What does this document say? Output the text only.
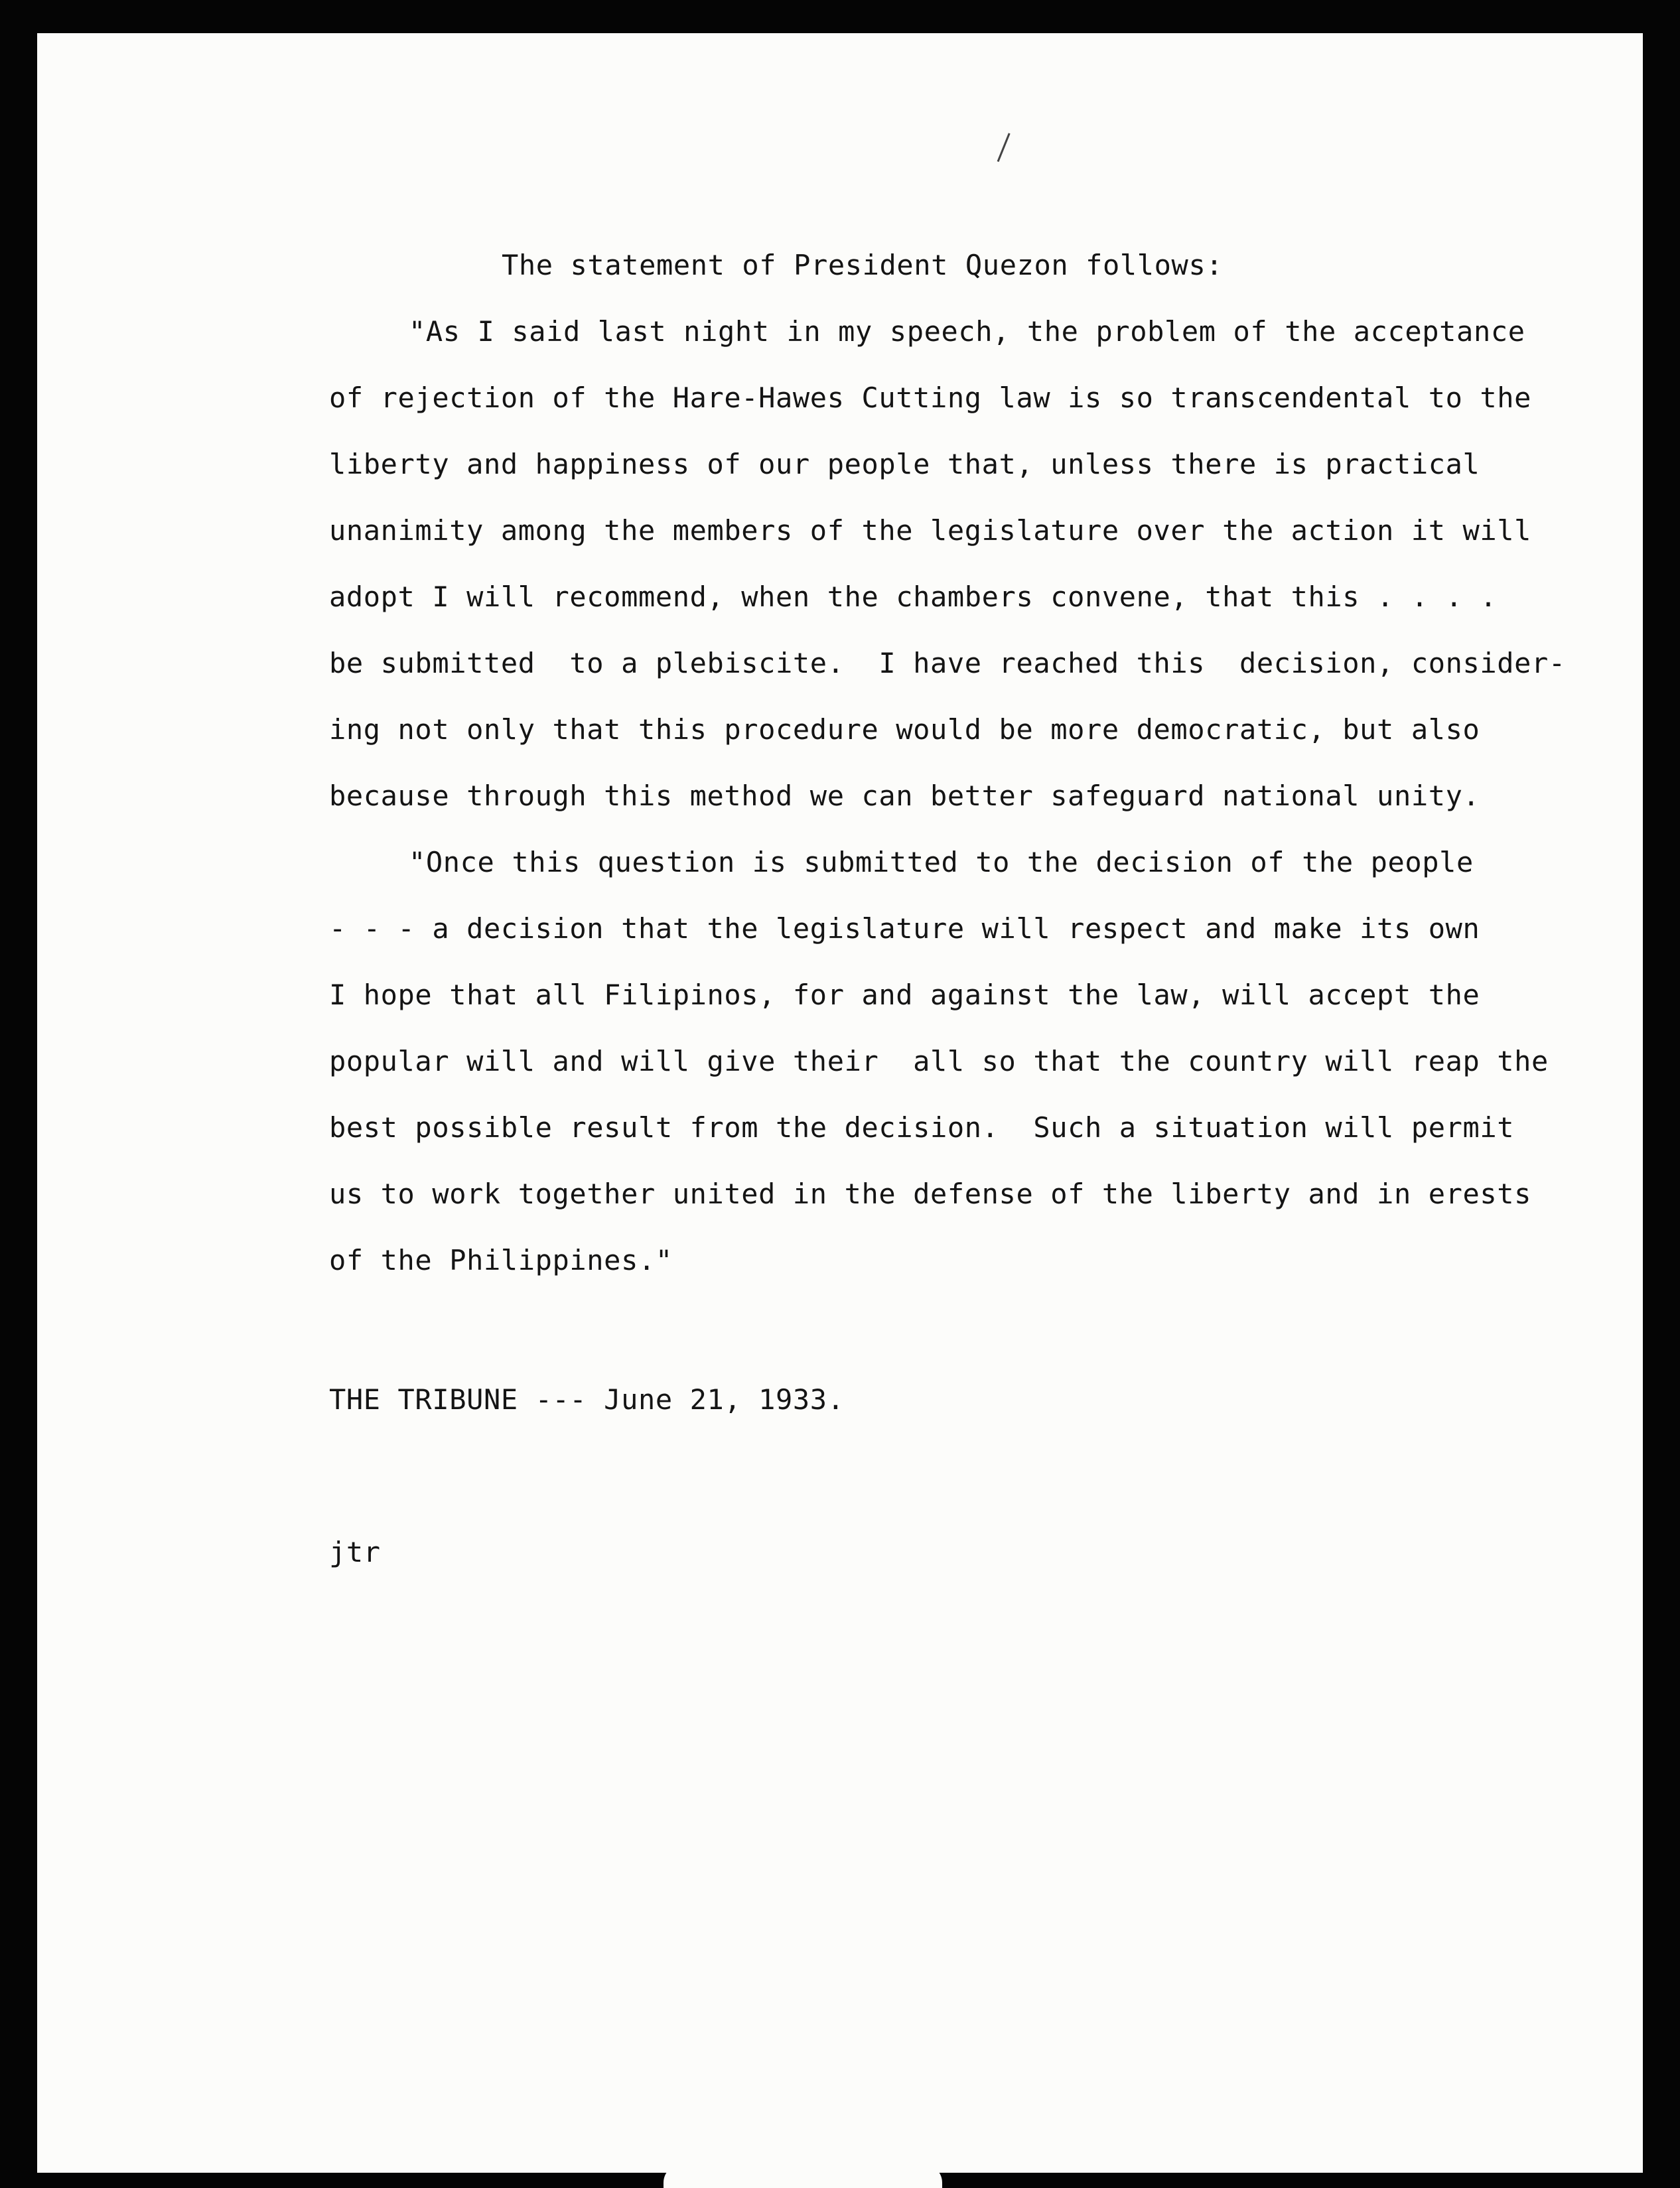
The statement of President Quezon follows:
"As I said last night in my speech, the problem of the acceptance
of rejection of the Hare-Hawes Cutting law is so transcendental to the
liberty and happiness of our people that, unless there is practical
unanimity among the members of the legislature over the action it will
adopt I will recommend, when the chambers convene, that this . . . .
be submitted  to a plebiscite.  I have reached this  decision, consider-
ing not only that this procedure would be more democratic, but also
because through this method we can better safeguard national unity.
"Once this question is submitted to the decision of the people
- - - a decision that the legislature will respect and make its own
I hope that all Filipinos, for and against the law, will accept the
popular will and will give their  all so that the country will reap the
best possible result from the decision.  Such a situation will permit
us to work together united in the defense of the liberty and in erests
of the Philippines."
THE TRIBUNE --- June 21, 1933.
jtr
